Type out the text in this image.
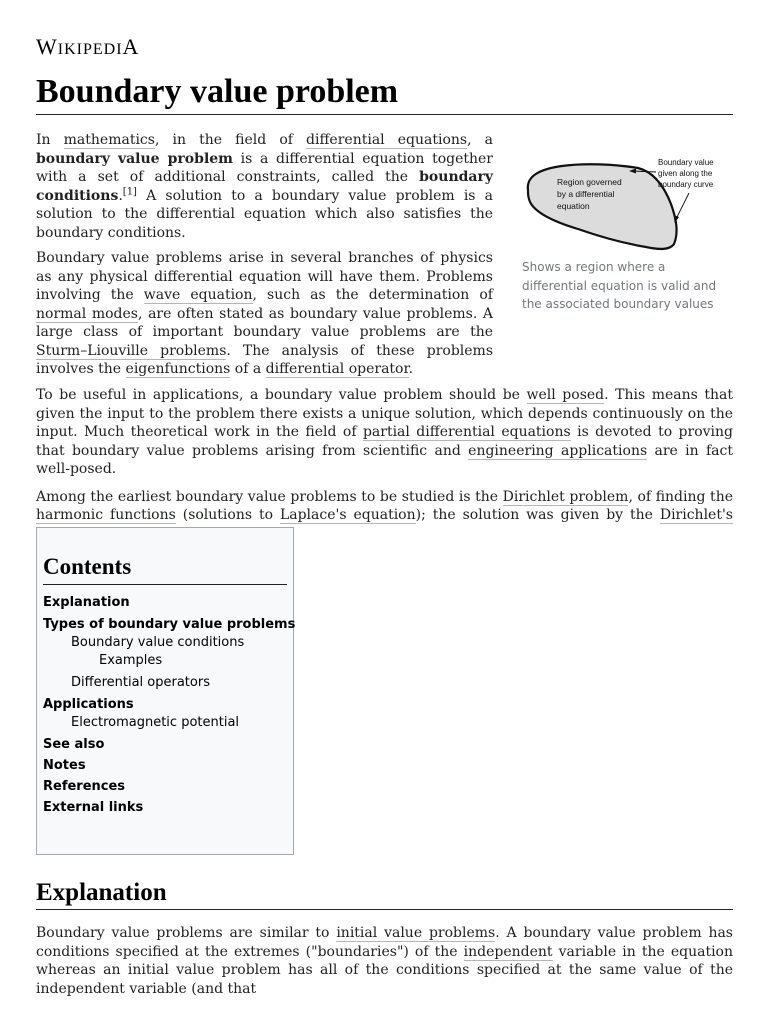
WIKIPEDIA
Boundary value problem

In mathematics, in the field of differential equations, a boundary value problem is a differential equation together with a set of additional constraints, called the boundary conditions.[1] A solution to a boundary value problem is a solution to the differential equation which also satisfies the boundary conditions.

Boundary value problems arise in several branches of physics as any physical differential equation will have them. Problems involving the wave equation, such as the determination of normal modes, are often stated as boundary value problems. A large class of important boundary value problems are the Sturm–Liouville problems. The analysis of these problems involves the eigenfunctions of a differential operator.

Region governed by a differential equation
Boundary value given along the boundary curve
Shows a region where a differential equation is valid and the associated boundary values

To be useful in applications, a boundary value problem should be well posed. This means that given the input to the problem there exists a unique solution, which depends continuously on the input. Much theoretical work in the field of partial differential equations is devoted to proving that boundary value problems arising from scientific and engineering applications are in fact well-posed.

Among the earliest boundary value problems to be studied is the Dirichlet problem, of finding the harmonic functions (solutions to Laplace's equation); the solution was given by the Dirichlet's

Contents
Explanation
Types of boundary value problems
Boundary value conditions
Examples
Differential operators
Applications
Electromagnetic potential
See also
Notes
References
External links
Explanation

Boundary value problems are similar to initial value problems. A boundary value problem has conditions specified at the extremes ("boundaries") of the independent variable in the equation whereas an initial value problem has all of the conditions specified at the same value of the independent variable (and that
